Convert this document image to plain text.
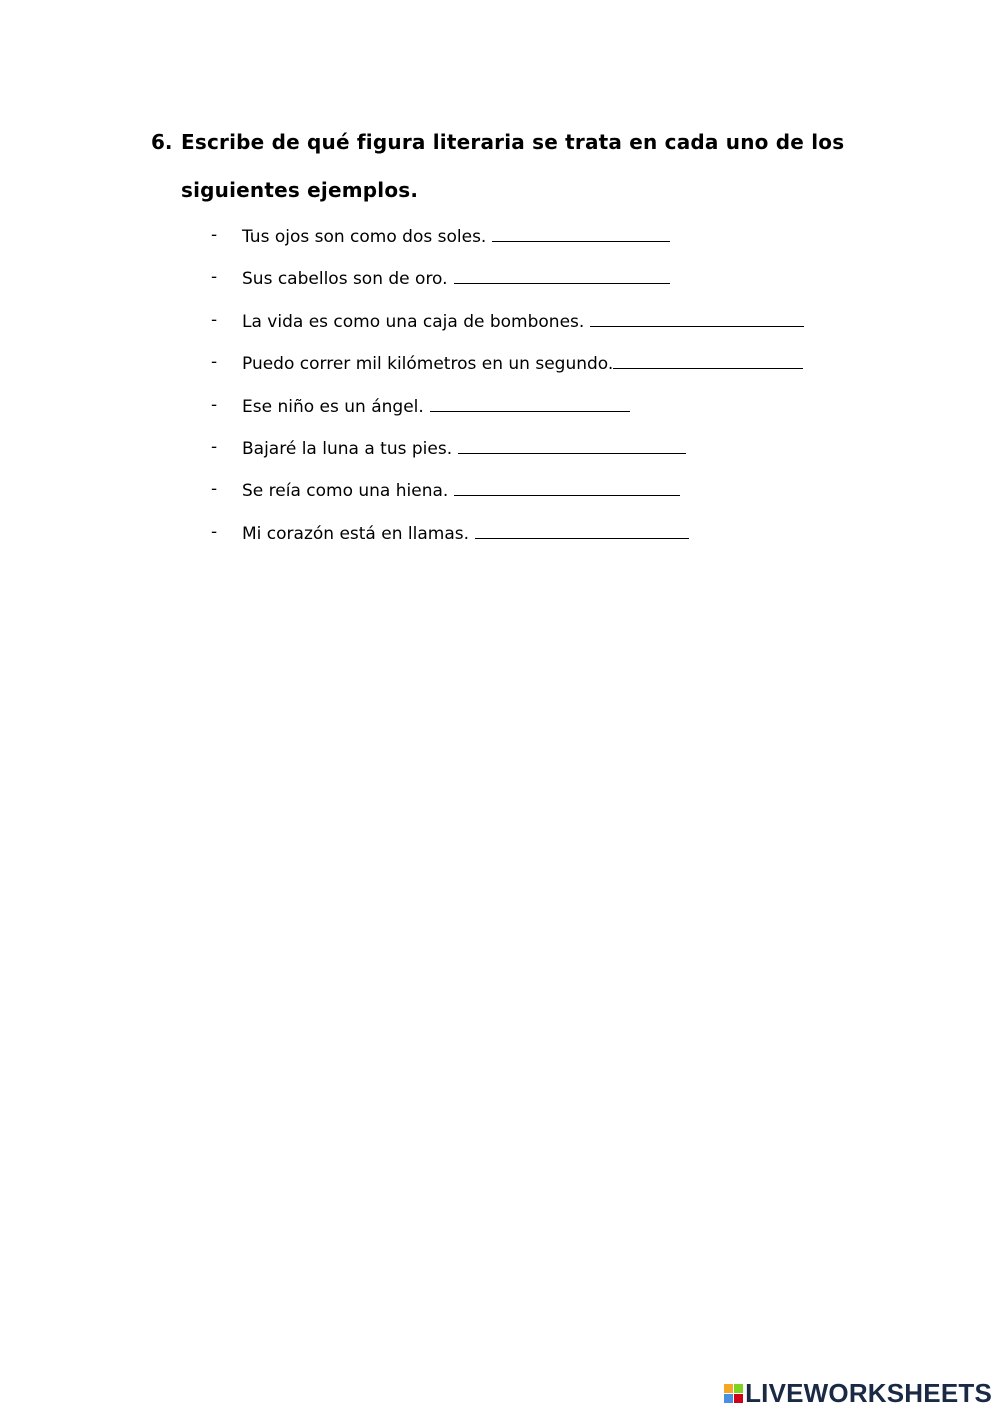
6. Escribe de qué figura literaria se trata en cada uno de los siguientes ejemplos.
-	Tus ojos son como dos soles.
-	Sus cabellos son de oro.
-	La vida es como una caja de bombones.
-	Puedo correr mil kilómetros en un segundo.
-	Ese niño es un ángel.
-	Bajaré la luna a tus pies.
-	Se reía como una hiena.
-	Mi corazón está en llamas.
LIVEWORKSHEETS
